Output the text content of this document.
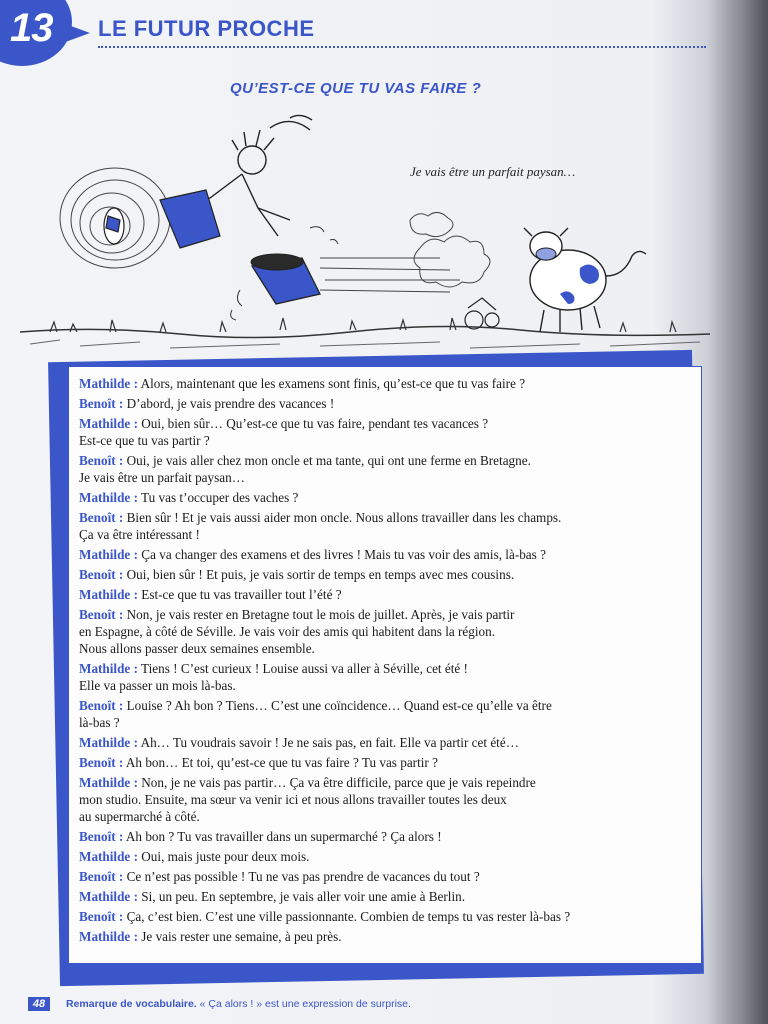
13 LE FUTUR PROCHE
QU’EST-CE QUE TU VAS FAIRE ?
Je vais être un parfait paysan…
Mathilde : Alors, maintenant que les examens sont finis, qu’est-ce que tu vas faire ?
Benoît : D’abord, je vais prendre des vacances !
Mathilde : Oui, bien sûr… Qu’est-ce que tu vas faire, pendant tes vacances ?
Est-ce que tu vas partir ?
Benoît : Oui, je vais aller chez mon oncle et ma tante, qui ont une ferme en Bretagne.
Je vais être un parfait paysan…
Mathilde : Tu vas t’occuper des vaches ?
Benoît : Bien sûr ! Et je vais aussi aider mon oncle. Nous allons travailler dans les champs.
Ça va être intéressant !
Mathilde : Ça va changer des examens et des livres ! Mais tu vas voir des amis, là-bas ?
Benoît : Oui, bien sûr ! Et puis, je vais sortir de temps en temps avec mes cousins.
Mathilde : Est-ce que tu vas travailler tout l’été ?
Benoît : Non, je vais rester en Bretagne tout le mois de juillet. Après, je vais partir
en Espagne, à côté de Séville. Je vais voir des amis qui habitent dans la région.
Nous allons passer deux semaines ensemble.
Mathilde : Tiens ! C’est curieux ! Louise aussi va aller à Séville, cet été !
Elle va passer un mois là-bas.
Benoît : Louise ? Ah bon ? Tiens… C’est une coïncidence… Quand est-ce qu’elle va être
là-bas ?
Mathilde : Ah… Tu voudrais savoir ! Je ne sais pas, en fait. Elle va partir cet été…
Benoît : Ah bon… Et toi, qu’est-ce que tu vas faire ? Tu vas partir ?
Mathilde : Non, je ne vais pas partir… Ça va être difficile, parce que je vais repeindre
mon studio. Ensuite, ma sœur va venir ici et nous allons travailler toutes les deux
au supermarché à côté.
Benoît : Ah bon ? Tu vas travailler dans un supermarché ? Ça alors !
Mathilde : Oui, mais juste pour deux mois.
Benoît : Ce n’est pas possible ! Tu ne vas pas prendre de vacances du tout ?
Mathilde : Si, un peu. En septembre, je vais aller voir une amie à Berlin.
Benoît : Ça, c’est bien. C’est une ville passionnante. Combien de temps tu vas rester là-bas ?
Mathilde : Je vais rester une semaine, à peu près.
48	Remarque de vocabulaire. « Ça alors ! » est une expression de surprise.
